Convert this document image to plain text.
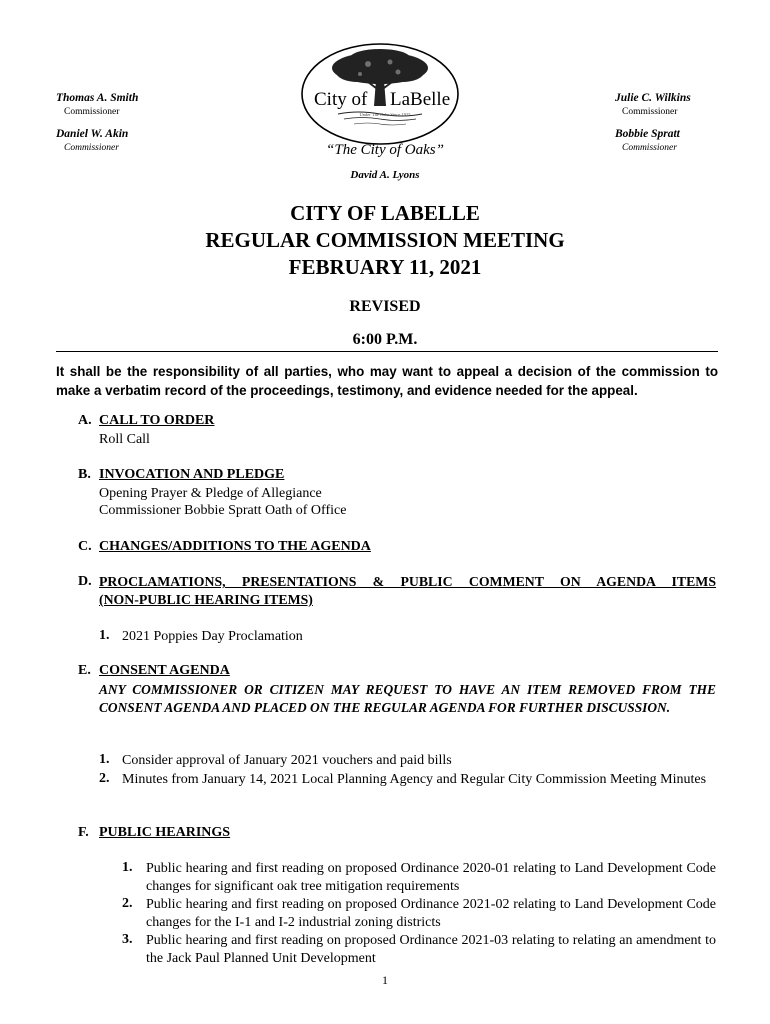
Thomas A. Smith
Commissioner
Daniel W. Akin
Commissioner
Julie C. Wilkins
Commissioner
Bobbie Spratt
Commissioner
City of LaBelle
Under The Oaks Since 1925
“The City of Oaks”
David A. Lyons
CITY OF LABELLE
REGULAR COMMISSION MEETING
FEBRUARY 11, 2021
REVISED
6:00 P.M.
It shall be the responsibility of all parties, who may want to appeal a decision of the commission to make a verbatim record of the proceedings, testimony, and evidence needed for the appeal.
A. CALL TO ORDER
Roll Call
B. INVOCATION AND PLEDGE
Opening Prayer & Pledge of Allegiance
Commissioner Bobbie Spratt Oath of Office
C. CHANGES/ADDITIONS TO THE AGENDA
D. PROCLAMATIONS, PRESENTATIONS & PUBLIC COMMENT ON AGENDA ITEMS
(NON-PUBLIC HEARING ITEMS)
1. 2021 Poppies Day Proclamation
E. CONSENT AGENDA
ANY COMMISSIONER OR CITIZEN MAY REQUEST TO HAVE AN ITEM REMOVED FROM THE CONSENT AGENDA AND PLACED ON THE REGULAR AGENDA FOR FURTHER DISCUSSION.
1. Consider approval of January 2021 vouchers and paid bills
2. Minutes from January 14, 2021 Local Planning Agency and Regular City Commission Meeting Minutes
F. PUBLIC HEARINGS
1. Public hearing and first reading on proposed Ordinance 2020-01 relating to Land Development Code changes for significant oak tree mitigation requirements
2. Public hearing and first reading on proposed Ordinance 2021-02 relating to Land Development Code changes for the I-1 and I-2 industrial zoning districts
3. Public hearing and first reading on proposed Ordinance 2021-03 relating to relating an amendment to the Jack Paul Planned Unit Development
1
